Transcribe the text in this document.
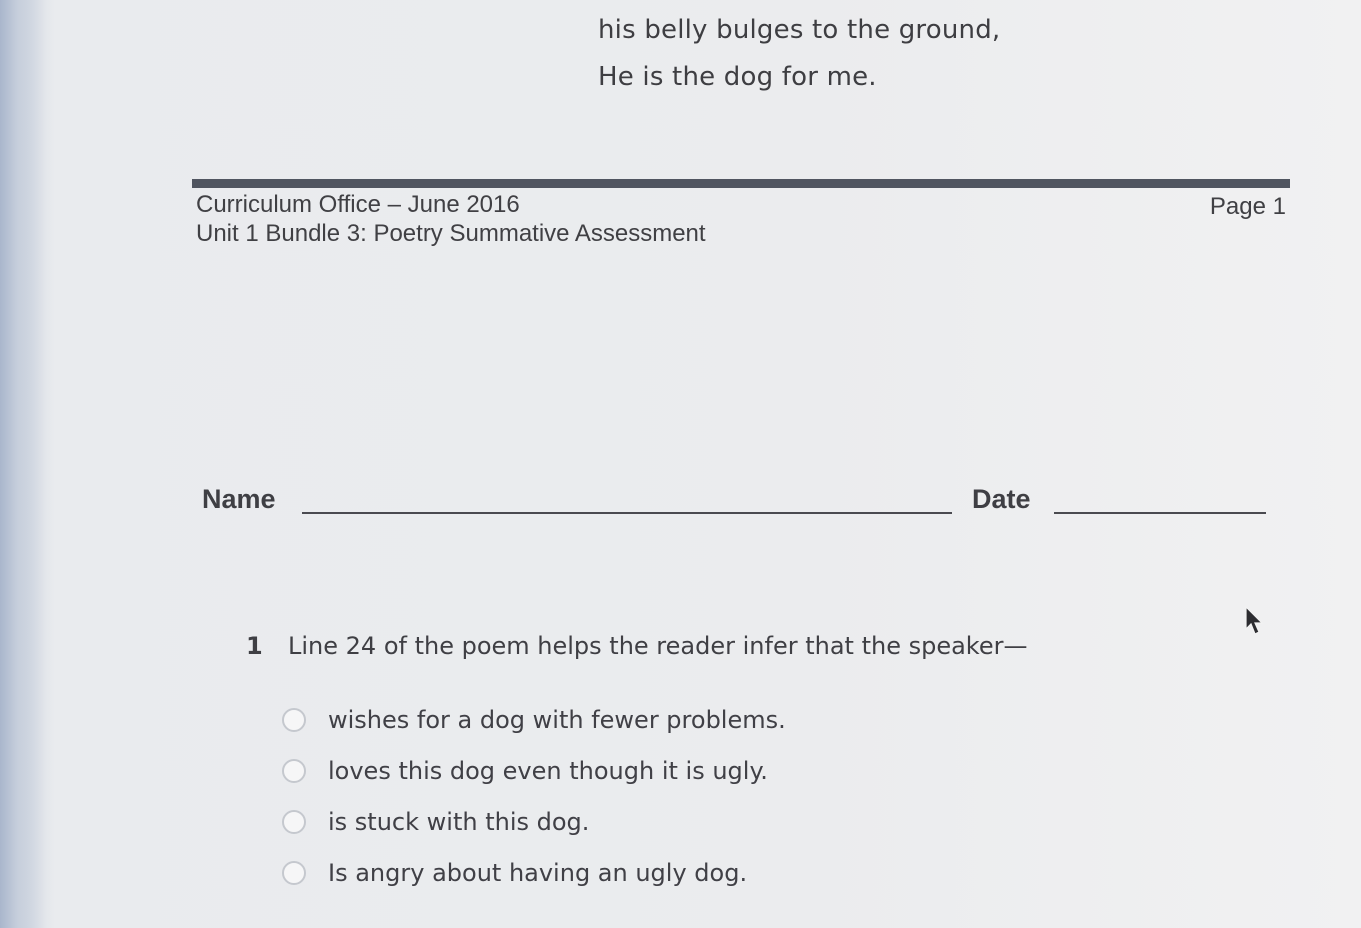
his belly bulges to the ground,
He is the dog for me.
Curriculum Office – June 2016
Unit 1 Bundle 3: Poetry Summative Assessment
Page 1
Name	Date
1 Line 24 of the poem helps the reader infer that the speaker—
wishes for a dog with fewer problems.
loves this dog even though it is ugly.
is stuck with this dog.
Is angry about having an ugly dog.
